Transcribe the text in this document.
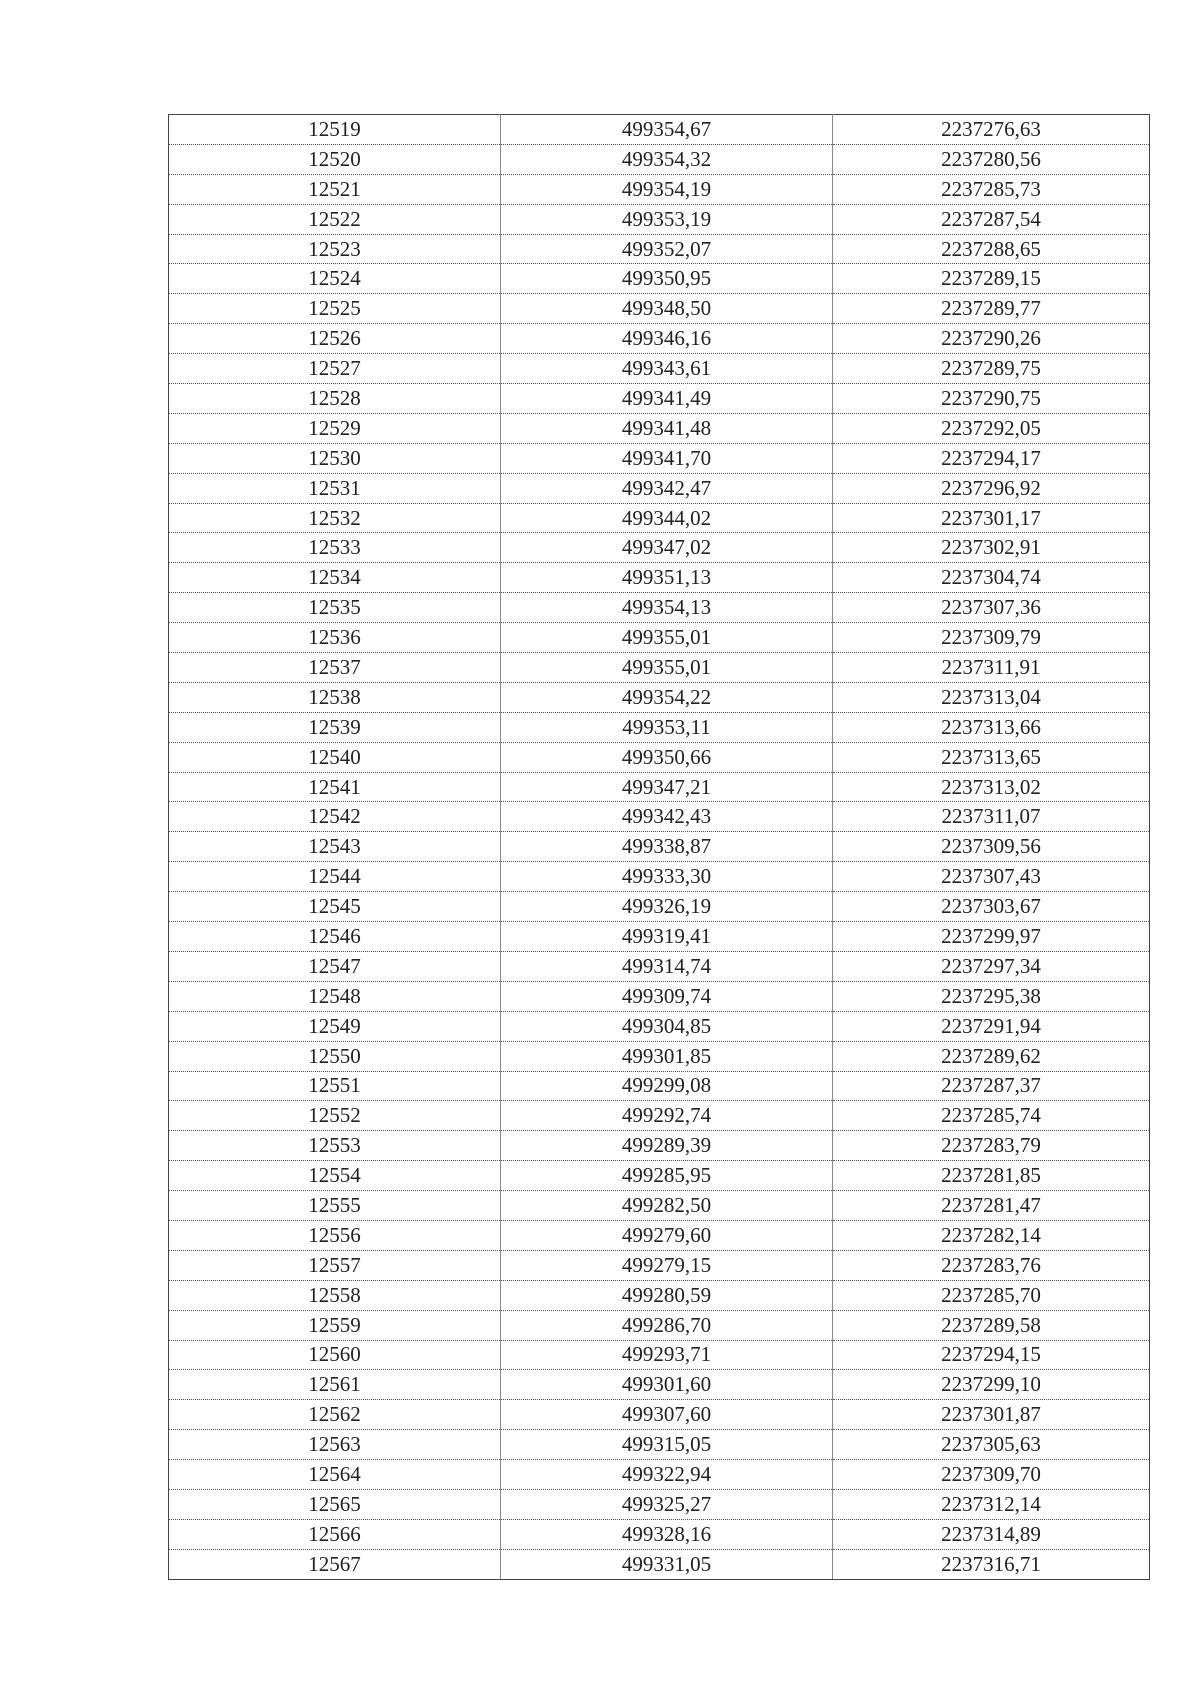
12519	499354,67	2237276,63
12520	499354,32	2237280,56
12521	499354,19	2237285,73
12522	499353,19	2237287,54
12523	499352,07	2237288,65
12524	499350,95	2237289,15
12525	499348,50	2237289,77
12526	499346,16	2237290,26
12527	499343,61	2237289,75
12528	499341,49	2237290,75
12529	499341,48	2237292,05
12530	499341,70	2237294,17
12531	499342,47	2237296,92
12532	499344,02	2237301,17
12533	499347,02	2237302,91
12534	499351,13	2237304,74
12535	499354,13	2237307,36
12536	499355,01	2237309,79
12537	499355,01	2237311,91
12538	499354,22	2237313,04
12539	499353,11	2237313,66
12540	499350,66	2237313,65
12541	499347,21	2237313,02
12542	499342,43	2237311,07
12543	499338,87	2237309,56
12544	499333,30	2237307,43
12545	499326,19	2237303,67
12546	499319,41	2237299,97
12547	499314,74	2237297,34
12548	499309,74	2237295,38
12549	499304,85	2237291,94
12550	499301,85	2237289,62
12551	499299,08	2237287,37
12552	499292,74	2237285,74
12553	499289,39	2237283,79
12554	499285,95	2237281,85
12555	499282,50	2237281,47
12556	499279,60	2237282,14
12557	499279,15	2237283,76
12558	499280,59	2237285,70
12559	499286,70	2237289,58
12560	499293,71	2237294,15
12561	499301,60	2237299,10
12562	499307,60	2237301,87
12563	499315,05	2237305,63
12564	499322,94	2237309,70
12565	499325,27	2237312,14
12566	499328,16	2237314,89
12567	499331,05	2237316,71
